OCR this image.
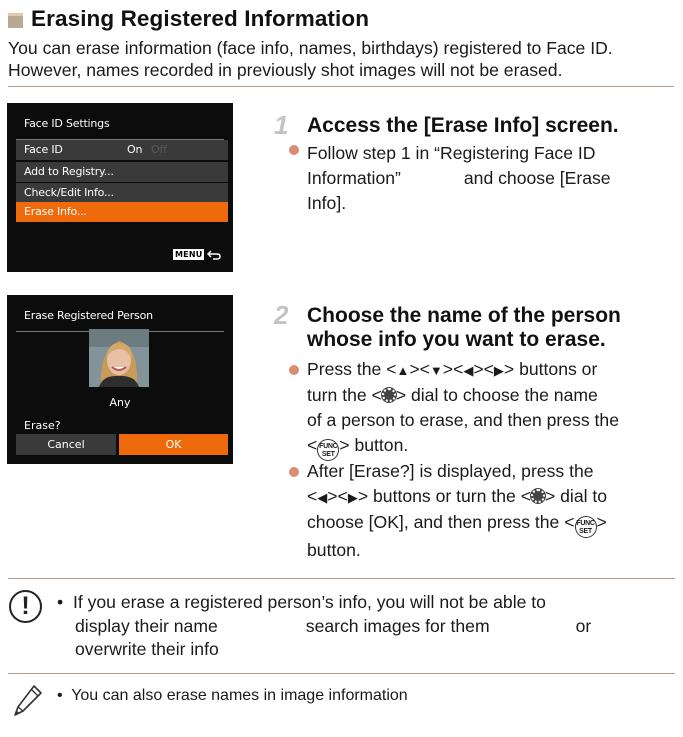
Erasing Registered Information
You can erase information (face info, names, birthdays) registered to Face ID. However, names recorded in previously shot images will not be erased.
Face ID Settings
Face ID	On Off
Add to Registry...
Check/Edit Info...
Erase Info...
MENU
Erase Registered Person
Any
Erase?
Cancel	OK
1 Access the [Erase Info] screen.
Follow step 1 in “Registering Face ID
Information”	and choose [Erase
Info].
2 Choose the name of the person
whose info you want to erase.
Press the <▲><▼><◀><▶> buttons or
turn the < > dial to choose the name
of a person to erase, and then press the
< FUNC
SET > button.
After [Erase?] is displayed, press the
<◀><▶> buttons or turn the < > dial to
choose [OK], and then press the < FUNC
SET >
button.
!	•  If you erase a registered person’s info, you will not be able to
display their name	search images for them	or
overwrite their info
•  You can also erase names in image information
